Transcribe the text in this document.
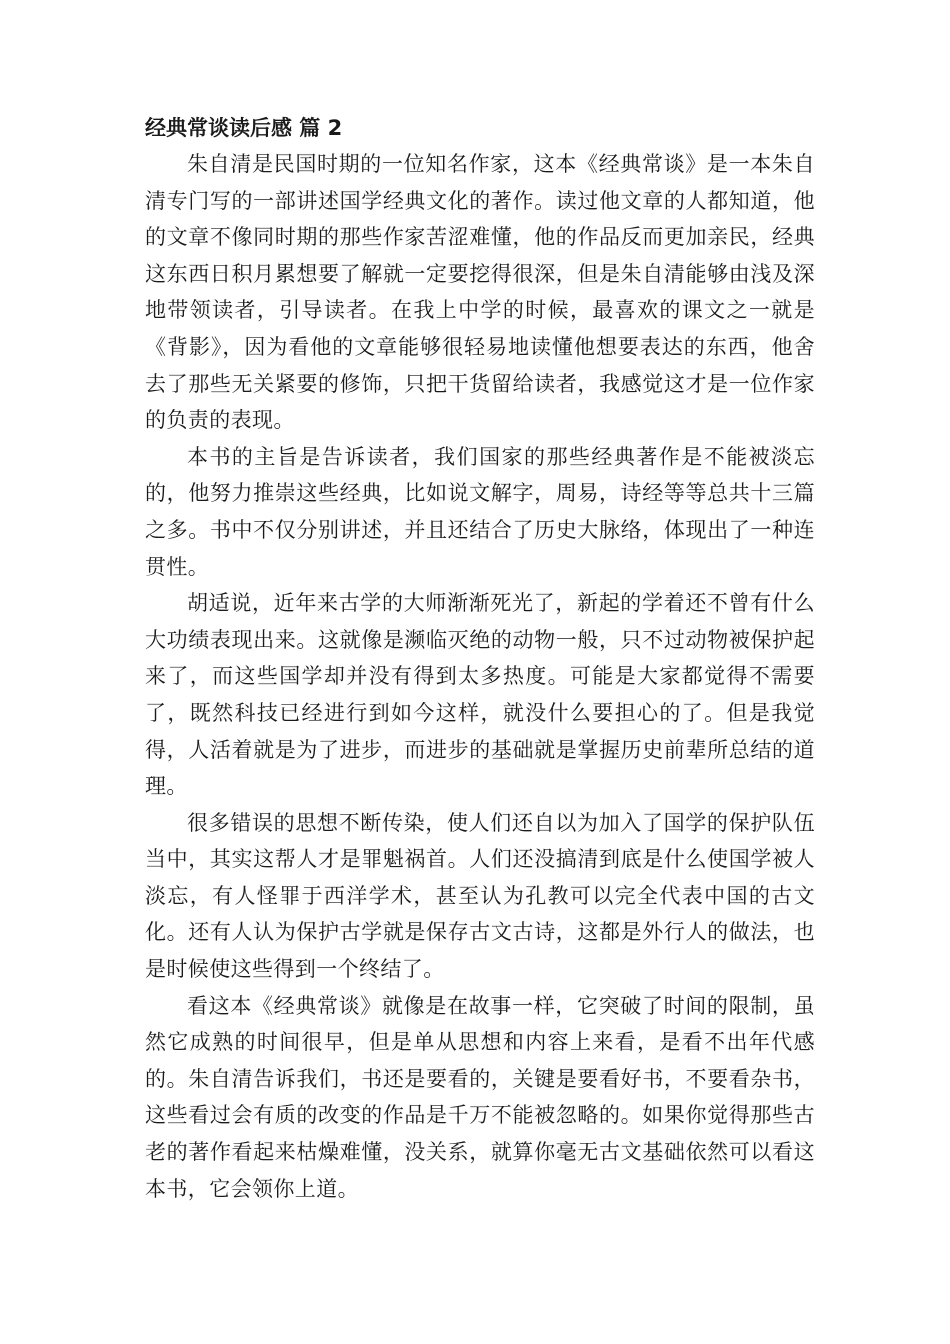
经典常谈读后感 篇 2

朱自清是民国时期的一位知名作家，这本《经典常谈》是一本朱自清专门写的一部讲述国学经典文化的著作。读过他文章的人都知道，他的文章不像同时期的那些作家苦涩难懂，他的作品反而更加亲民，经典这东西日积月累想要了解就一定要挖得很深，但是朱自清能够由浅及深地带领读者，引导读者。在我上中学的时候，最喜欢的课文之一就是《背影》，因为看他的文章能够很轻易地读懂他想要表达的东西，他舍去了那些无关紧要的修饰，只把干货留给读者，我感觉这才是一位作家的负责的表现。

本书的主旨是告诉读者，我们国家的那些经典著作是不能被淡忘的，他努力推崇这些经典，比如说文解字，周易，诗经等等总共十三篇之多。书中不仅分别讲述，并且还结合了历史大脉络，体现出了一种连贯性。

胡适说，近年来古学的大师渐渐死光了，新起的学着还不曾有什么大功绩表现出来。这就像是濒临灭绝的动物一般，只不过动物被保护起来了，而这些国学却并没有得到太多热度。可能是大家都觉得不需要了，既然科技已经进行到如今这样，就没什么要担心的了。但是我觉得，人活着就是为了进步，而进步的基础就是掌握历史前辈所总结的道理。

很多错误的思想不断传染，使人们还自以为加入了国学的保护队伍当中，其实这帮人才是罪魁祸首。人们还没搞清到底是什么使国学被人淡忘，有人怪罪于西洋学术，甚至认为孔教可以完全代表中国的古文化。还有人认为保护古学就是保存古文古诗，这都是外行人的做法，也是时候使这些得到一个终结了。

看这本《经典常谈》就像是在故事一样，它突破了时间的限制，虽然它成熟的时间很早，但是单从思想和内容上来看，是看不出年代感的。朱自清告诉我们，书还是要看的，关键是要看好书，不要看杂书，这些看过会有质的改变的作品是千万不能被忽略的。如果你觉得那些古老的著作看起来枯燥难懂，没关系，就算你毫无古文基础依然可以看这本书，它会领你上道。
